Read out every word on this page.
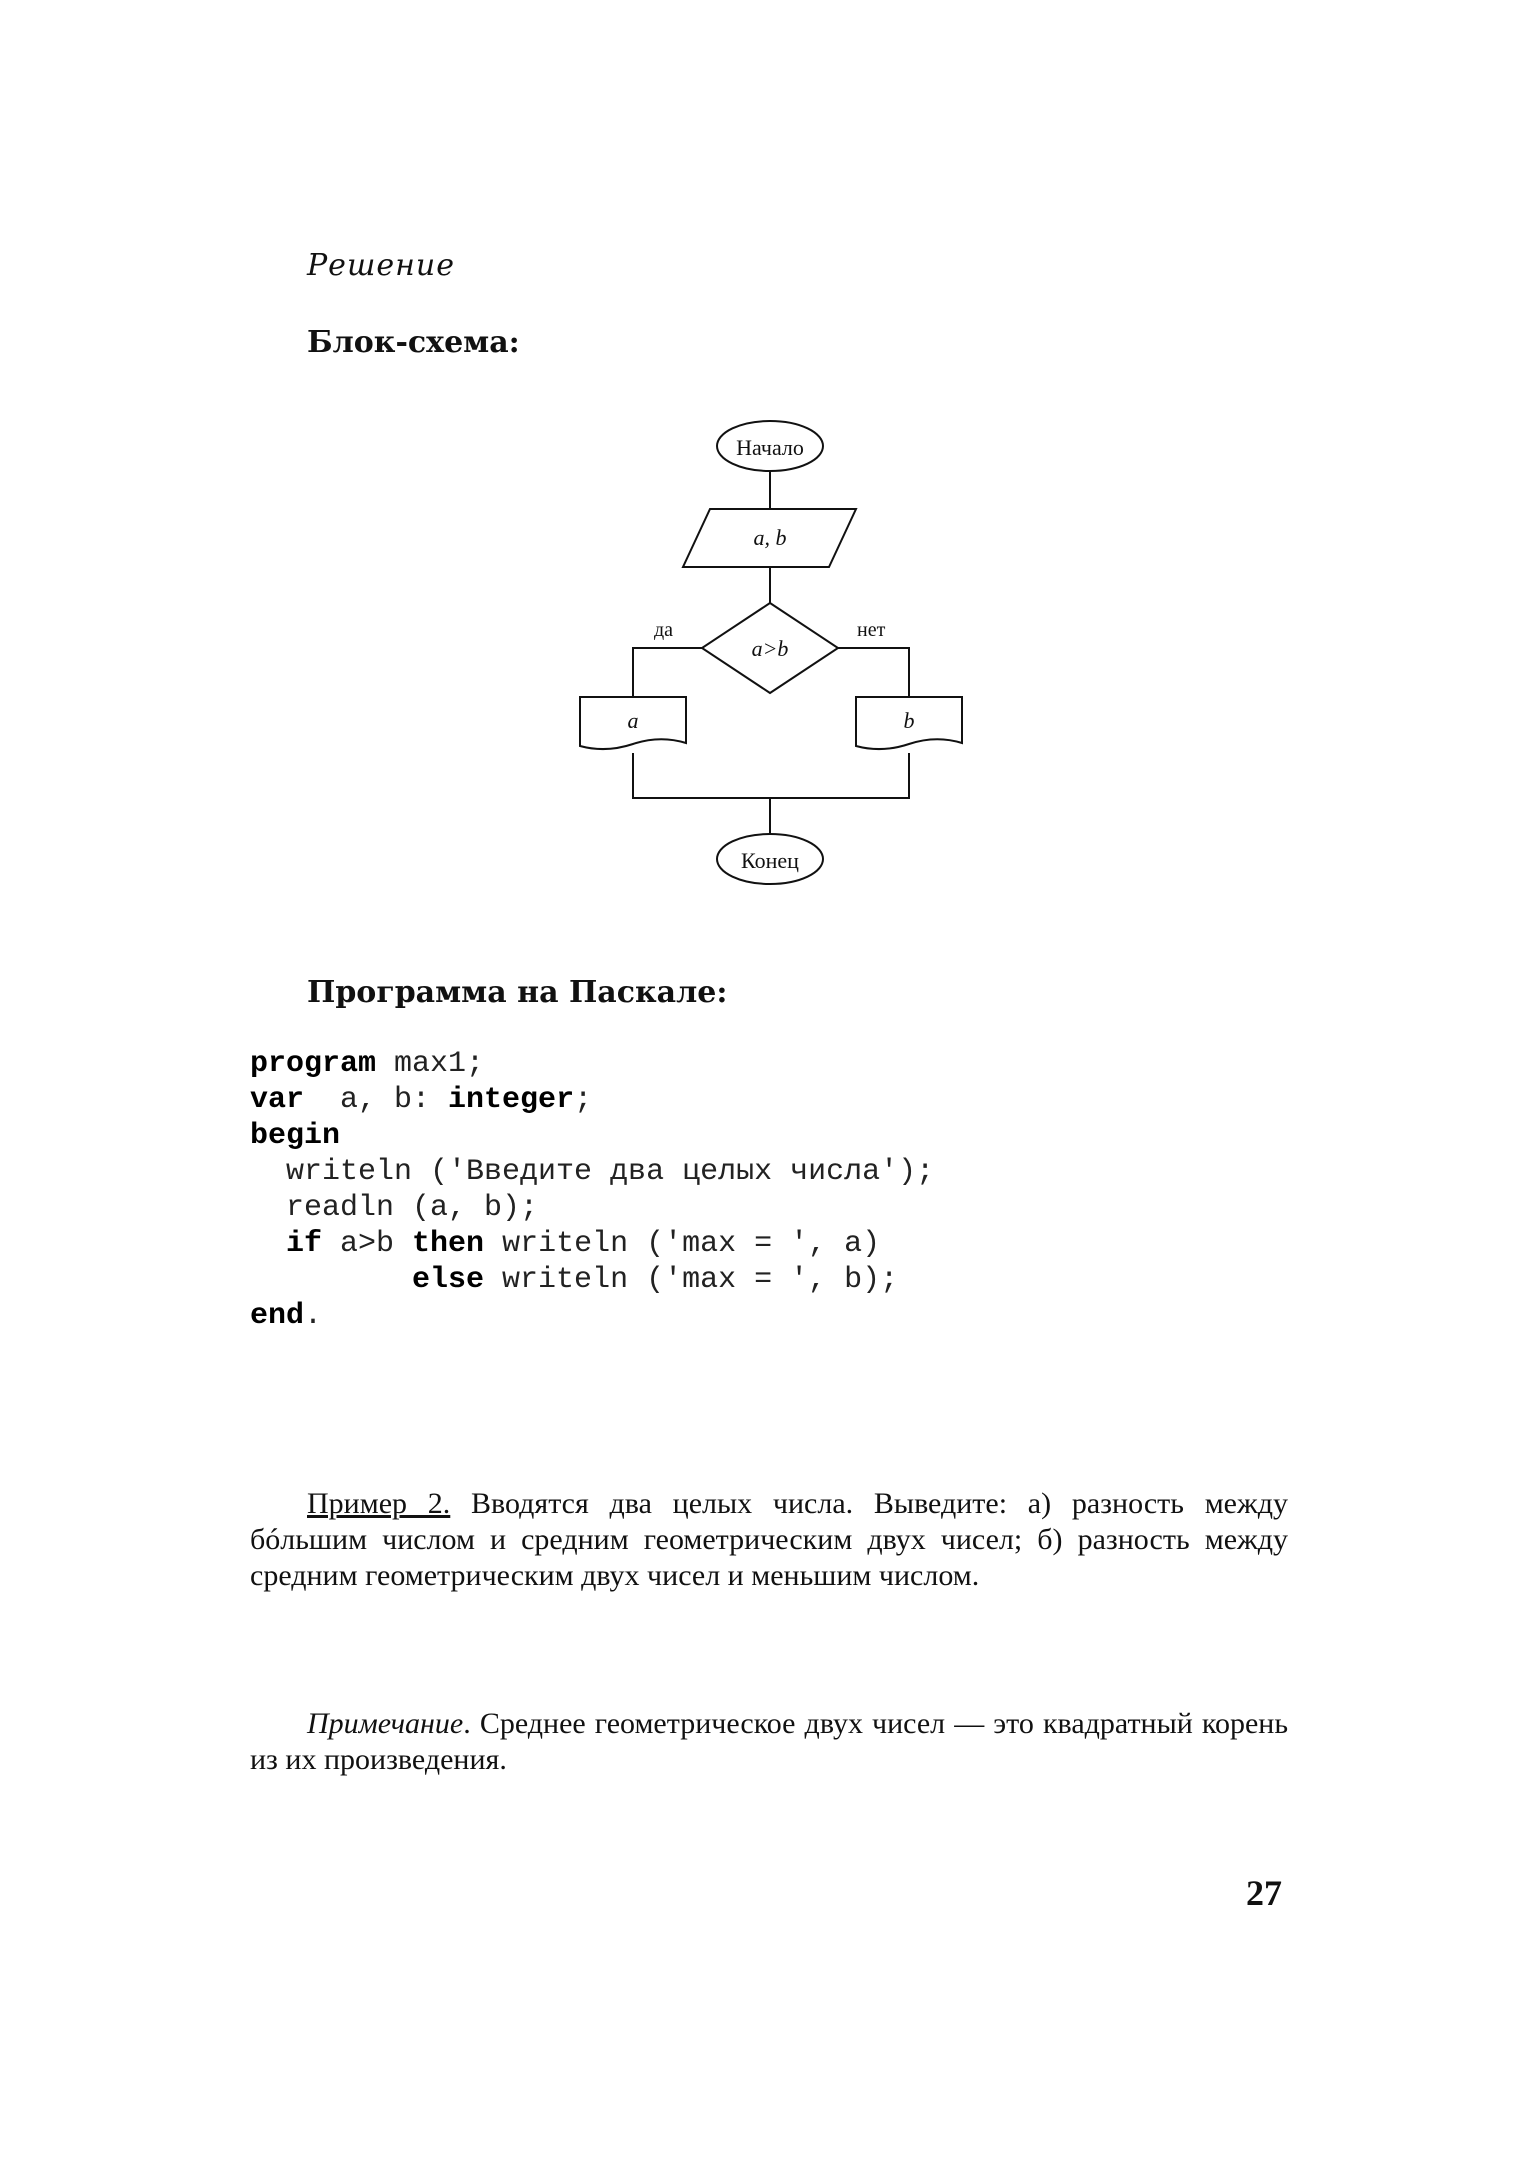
Решение
Блок-схема:
Начало
a, b
a>b
да	нет
a	b
Конец
Программа на Паскале:
program max1;
var  a, b: integer;
begin
writeln ('Введите два целых числа');
readln (a, b);
if a>b then writeln ('max = ', a)
else writeln ('max = ', b);
end.
Пример 2. Вводятся два целых числа. Выведите: а) разность между бóльшим числом и средним геометрическим двух чисел; б) разность между средним геометрическим двух чисел и меньшим числом.
Примечание. Среднее геометрическое двух чисел — это квадратный корень из их произведения.
27
